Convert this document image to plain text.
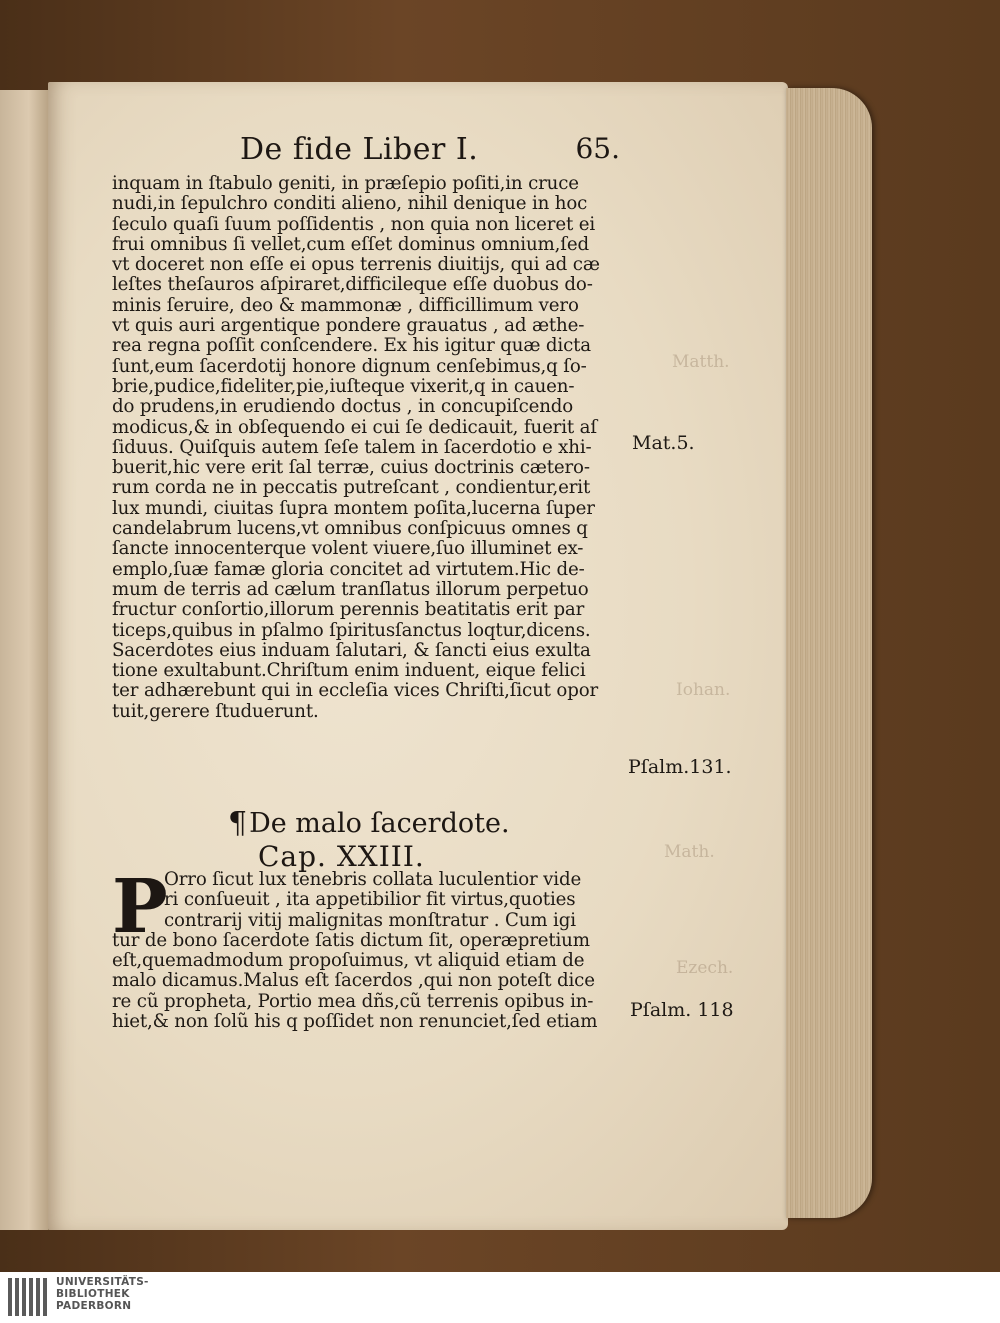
Matth.
Iohan.
Math.
Ezech.
De fide Liber I.	65.
inquam in ſtabulo geniti, in præſepio poſiti,in cruce
nudi,in ſepulchro conditi alieno, nihil denique in hoc
ſeculo quaſi ſuum poſſidentis , non quia non liceret ei
frui omnibus ſi vellet,cum eſſet dominus omnium,ſed
vt doceret non eſſe ei opus terrenis diuitijs, qui ad cæ
leſtes theſauros aſpiraret,difficileque eſſe duobus do-
minis ſeruire, deo & mammonæ , difficillimum vero
vt quis auri argentique pondere grauatus , ad æthe-
rea regna poſſit conſcendere. Ex his igitur quæ dicta
ſunt,eum ſacerdotij honore dignum cenſebimus,q ſo-
brie,pudice,fideliter,pie,iuſteque vixerit,q in cauen-
do prudens,in erudiendo doctus , in concupiſcendo
modicus,& in obſequendo ei cui ſe dedicauit, fuerit aſ
ſiduus. Quiſquis autem ſeſe talem in ſacerdotio e xhi-
buerit,hic vere erit ſal terræ, cuius doctrinis cætero-
rum corda ne in peccatis putreſcant , condientur,erit
lux mundi, ciuitas ſupra montem poſita,lucerna ſuper
candelabrum lucens,vt omnibus conſpicuus omnes q
ſancte innocenterque volent viuere,ſuo illuminet ex-
emplo,ſuæ famæ gloria concitet ad virtutem.Hic de-
mum de terris ad cælum tranſlatus illorum perpetuo
fructur conſortio,illorum perennis beatitatis erit par
ticeps,quibus in pſalmo ſpiritusſanctus loqtur,dicens.
Sacerdotes eius induam ſalutari, & ſancti eius exulta
tione exultabunt.Chriſtum enim induent, eique felici
ter adhærebunt qui in eccleſia vices Chriſti,ſicut opor
tuit,gerere ſtuduerunt.
¶ De malo ſacerdote.
Cap. XXIII.
P
Orro ſicut lux tenebris collata luculentior vide
ri conſueuit , ita appetibilior fit virtus,quoties
contrarij vitij malignitas monſtratur . Cum igi
tur de bono ſacerdote ſatis dictum ſit, operæpretium
eſt,quemadmodum propoſuimus, vt aliquid etiam de
malo dicamus.Malus eſt ſacerdos ,qui non poteſt dice
re cũ propheta, Portio mea dñs,cũ terrenis opibus in-
hiet,& non ſolũ his q poſſidet non renunciet,ſed etiam
Mat.5.
Pſalm.131.
Pſalm. 118
UNIVERSITÄTS-
BIBLIOTHEK
PADERBORN
